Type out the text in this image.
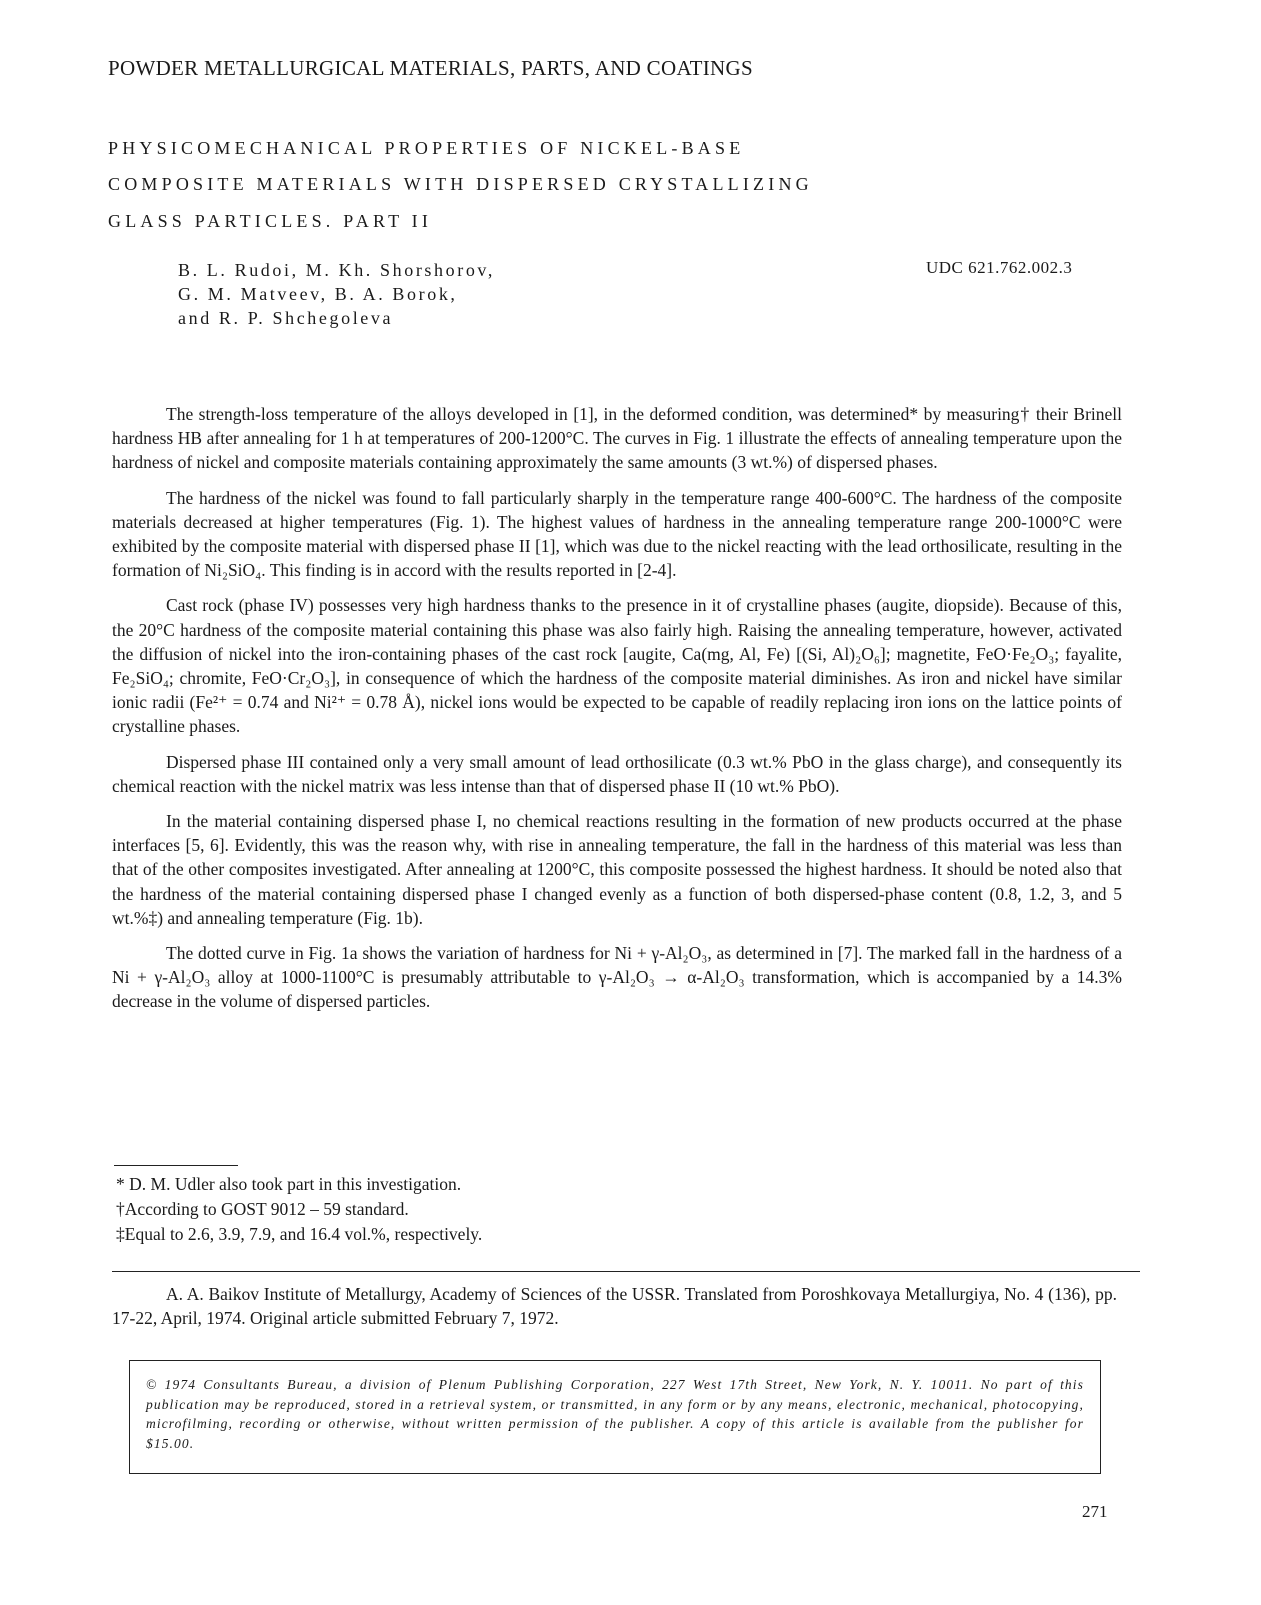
POWDER METALLURGICAL MATERIALS, PARTS, AND COATINGS
PHYSICOMECHANICAL PROPERTIES OF NICKEL-BASE
COMPOSITE MATERIALS WITH DISPERSED CRYSTALLIZING
GLASS PARTICLES. PART II
B. L. Rudoi, M. Kh. Shorshorov,
G. M. Matveev, B. A. Borok,
and R. P. Shchegoleva
UDC 621.762.002.3

The strength-loss temperature of the alloys developed in [1], in the deformed condition, was determined* by measuring† their Brinell hardness HB after annealing for 1 h at temperatures of 200-1200°C. The curves in Fig. 1 illustrate the effects of annealing temperature upon the hardness of nickel and composite materials containing approximately the same amounts (3 wt.%) of dispersed phases.

The hardness of the nickel was found to fall particularly sharply in the temperature range 400-600°C. The hardness of the composite materials decreased at higher temperatures (Fig. 1). The highest values of hardness in the annealing temperature range 200-1000°C were exhibited by the composite material with dispersed phase II [1], which was due to the nickel reacting with the lead orthosilicate, resulting in the formation of Ni₂SiO₄. This finding is in accord with the results reported in [2-4].

Cast rock (phase IV) possesses very high hardness thanks to the presence in it of crystalline phases (augite, diopside). Because of this, the 20°C hardness of the composite material containing this phase was also fairly high. Raising the annealing temperature, however, activated the diffusion of nickel into the iron-containing phases of the cast rock [augite, Ca(mg, Al, Fe) [(Si, Al)₂O₆]; magnetite, FeO·Fe₂O₃; fayalite, Fe₂SiO₄; chromite, FeO·Cr₂O₃], in consequence of which the hardness of the composite material diminishes. As iron and nickel have similar ionic radii (Fe²⁺ = 0.74 and Ni²⁺ = 0.78 Å), nickel ions would be expected to be capable of readily replacing iron ions on the lattice points of crystalline phases.

Dispersed phase III contained only a very small amount of lead orthosilicate (0.3 wt.% PbO in the glass charge), and consequently its chemical reaction with the nickel matrix was less intense than that of dispersed phase II (10 wt.% PbO).

In the material containing dispersed phase I, no chemical reactions resulting in the formation of new products occurred at the phase interfaces [5, 6]. Evidently, this was the reason why, with rise in annealing temperature, the fall in the hardness of this material was less than that of the other composites investigated. After annealing at 1200°C, this composite possessed the highest hardness. It should be noted also that the hardness of the material containing dispersed phase I changed evenly as a function of both dispersed-phase content (0.8, 1.2, 3, and 5 wt.%‡) and annealing temperature (Fig. 1b).

The dotted curve in Fig. 1a shows the variation of hardness for Ni + γ-Al₂O₃, as determined in [7]. The marked fall in the hardness of a Ni + γ-Al₂O₃ alloy at 1000-1100°C is presumably attributable to γ-Al₂O₃ → α-Al₂O₃ transformation, which is accompanied by a 14.3% decrease in the volume of dispersed particles.

* D. M. Udler also took part in this investigation.
†According to GOST 9012 – 59 standard.
‡Equal to 2.6, 3.9, 7.9, and 16.4 vol.%, respectively.

A. A. Baikov Institute of Metallurgy, Academy of Sciences of the USSR. Translated from Poroshkovaya Metallurgiya, No. 4 (136), pp. 17-22, April, 1974. Original article submitted February 7, 1972.

© 1974 Consultants Bureau, a division of Plenum Publishing Corporation, 227 West 17th Street, New York, N. Y. 10011. No part of this publication may be reproduced, stored in a retrieval system, or transmitted, in any form or by any means, electronic, mechanical, photocopying, microfilming, recording or otherwise, without written permission of the publisher. A copy of this article is available from the publisher for $15.00.
271
